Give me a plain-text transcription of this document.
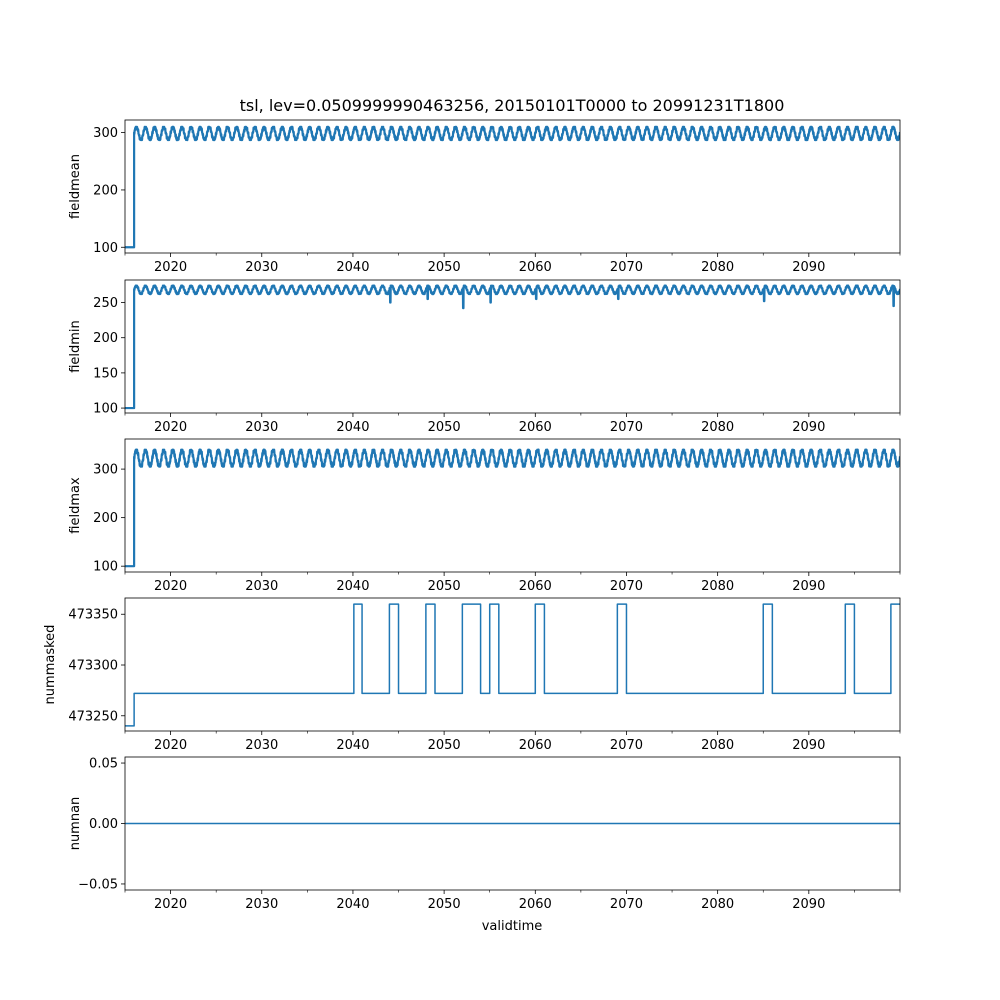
tsl, lev=0.0509999990463256, 20150101T0000 to 20991231T1800
100
200
300
2020	2030	2040	2050	2060	2070	2080	2090
fieldmean
100
150
200
250
2020	2030	2040	2050	2060	2070	2080	2090
fieldmin
100
200
300
2020	2030	2040	2050	2060	2070	2080	2090
fieldmax
473250
473300
473350
2020	2030	2040	2050	2060	2070	2080	2090
nummasked
−0.05
0.00
0.05
2020	2030	2040	2050	2060	2070	2080	2090
numnan
validtime
